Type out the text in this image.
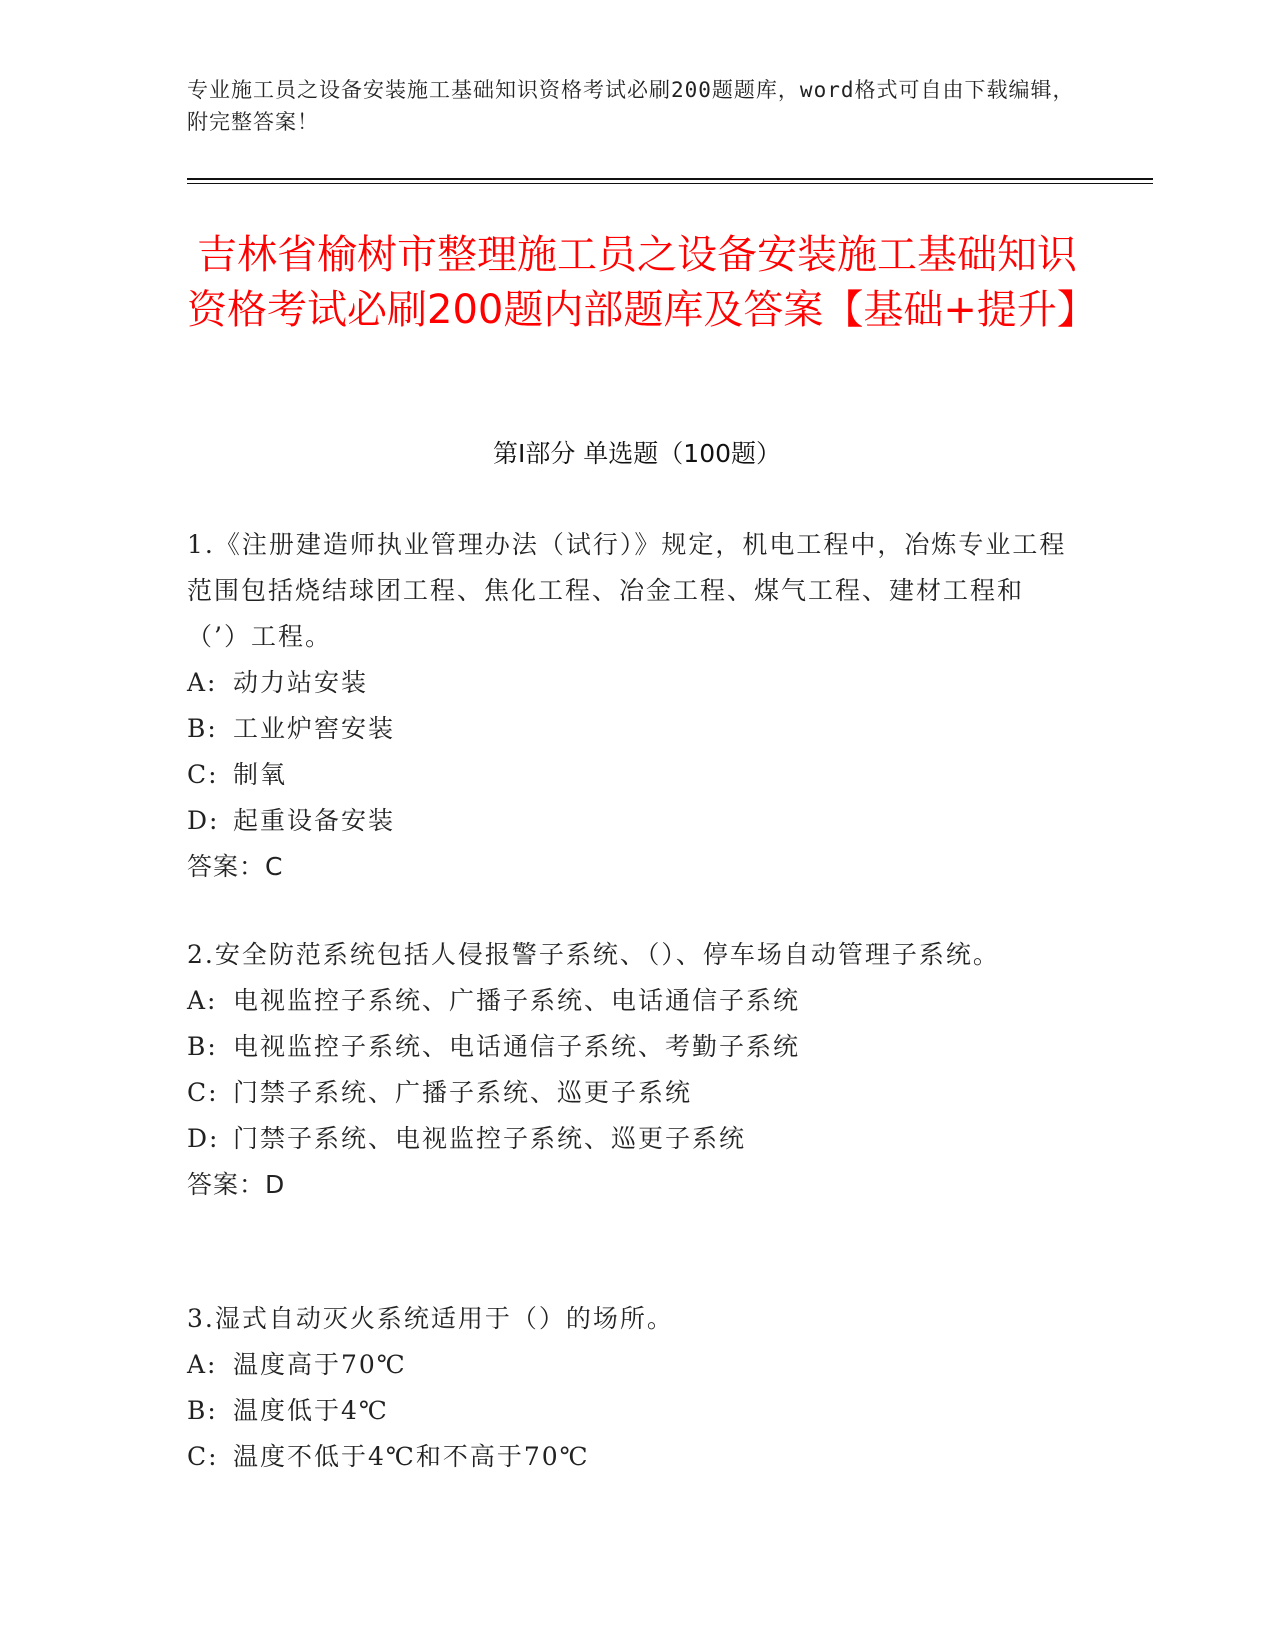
专业施工员之设备安装施工基础知识资格考试必刷200题题库，word格式可自由下载编辑，附完整答案！
吉林省榆树市整理施工员之设备安装施工基础知识资格考试必刷200题内部题库及答案【基础+提升】
第I部分 单选题（100题）
1.《注册建造师执业管理办法（试行）》规定，机电工程中，冶炼专业工程范围包括烧结球团工程、焦化工程、冶金工程、煤气工程、建材工程和（’）工程。
A: 动力站安装
B: 工业炉窖安装
C: 制氧
D: 起重设备安装
答案：C
2.安全防范系统包括人侵报警子系统、（）、停车场自动管理子系统。
A: 电视监控子系统、广播子系统、电话通信子系统
B: 电视监控子系统、电话通信子系统、考勤子系统
C: 门禁子系统、广播子系统、巡更子系统
D: 门禁子系统、电视监控子系统、巡更子系统
答案：D
3.湿式自动灭火系统适用于（）的场所。
A: 温度高于70℃
B: 温度低于4℃
C: 温度不低于4℃和不高于70℃
